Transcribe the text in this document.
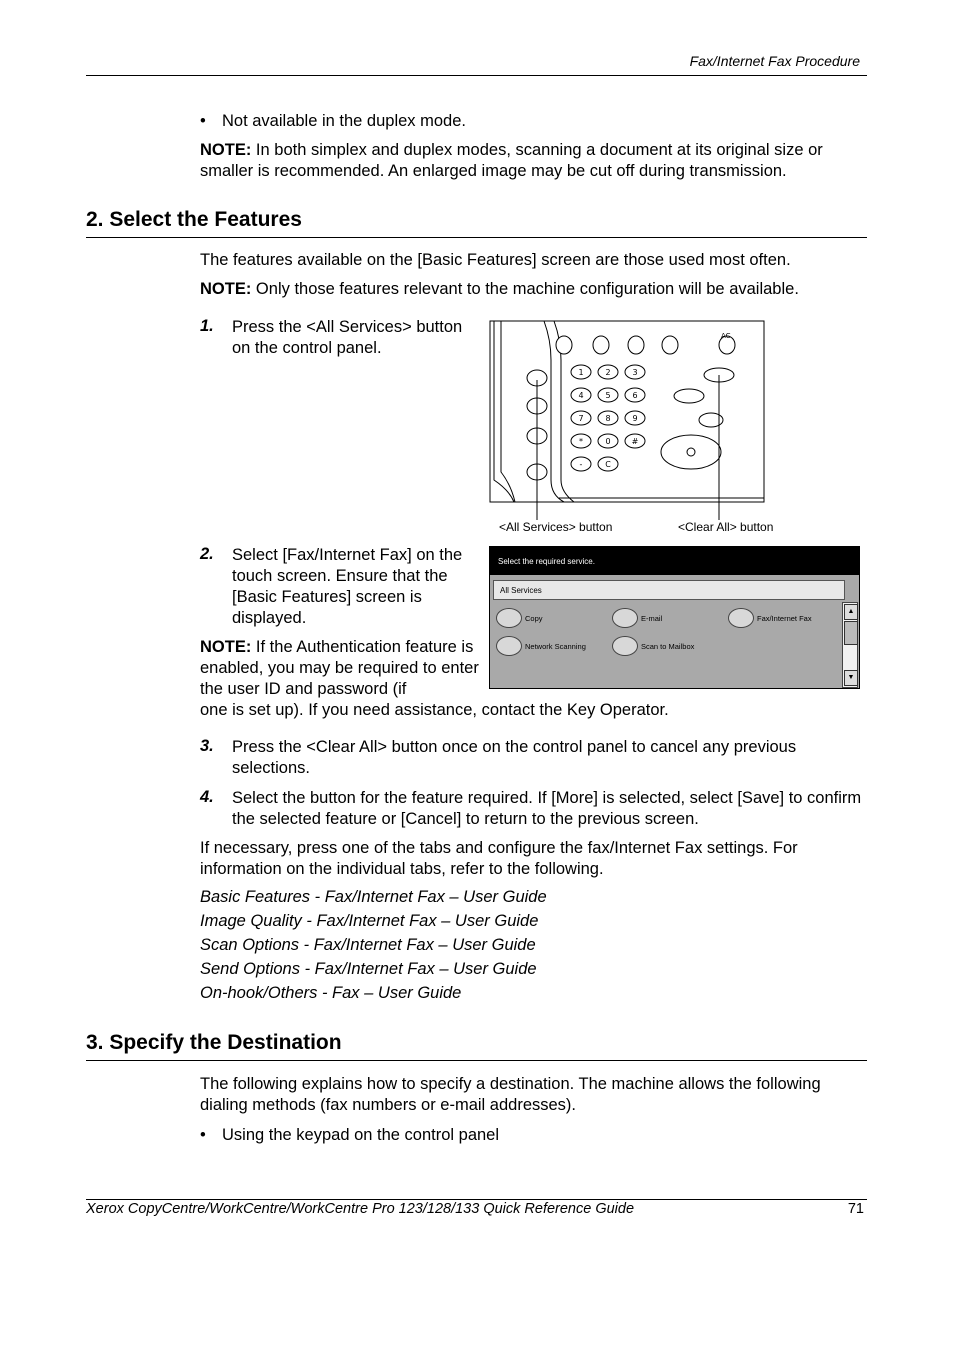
Fax/Internet Fax Procedure
• Not available in the duplex mode.
NOTE: In both simplex and duplex modes, scanning a document at its original size or smaller is recommended. An enlarged image may be cut off during transmission.
2. Select the Features
The features available on the [Basic Features] screen are those used most often.
NOTE: Only those features relevant to the machine configuration will be available.
1. Press the <All Services> button on the control panel.
1	2	3
4	5	6
7	8	9
*	0	#
-	C
AC
<All Services> button	<Clear All> button
2. Select [Fax/Internet Fax] on the touch screen. Ensure that the [Basic Features] screen is displayed.
NOTE: If the Authentication feature is enabled, you may be required to enter the user ID and password (if
one is set up). If you need assistance, contact the Key Operator.
Select the required service.
All Services
Copy	E-mail	Fax/Internet Fax
Network Scanning	Scan to Mailbox
▲
▼
3. Press the <Clear All> button once on the control panel to cancel any previous selections.
4. Select the button for the feature required. If [More] is selected, select [Save] to confirm the selected feature or [Cancel] to return to the previous screen.
If necessary, press one of the tabs and configure the fax/Internet Fax settings. For information on the individual tabs, refer to the following.
Basic Features - Fax/Internet Fax – User Guide
Image Quality - Fax/Internet Fax – User Guide
Scan Options - Fax/Internet Fax – User Guide
Send Options - Fax/Internet Fax – User Guide
On-hook/Others - Fax – User Guide
3. Specify the Destination
The following explains how to specify a destination. The machine allows the following dialing methods (fax numbers or e-mail addresses).
• Using the keypad on the control panel
Xerox CopyCentre/WorkCentre/WorkCentre Pro 123/128/133 Quick Reference Guide	71
